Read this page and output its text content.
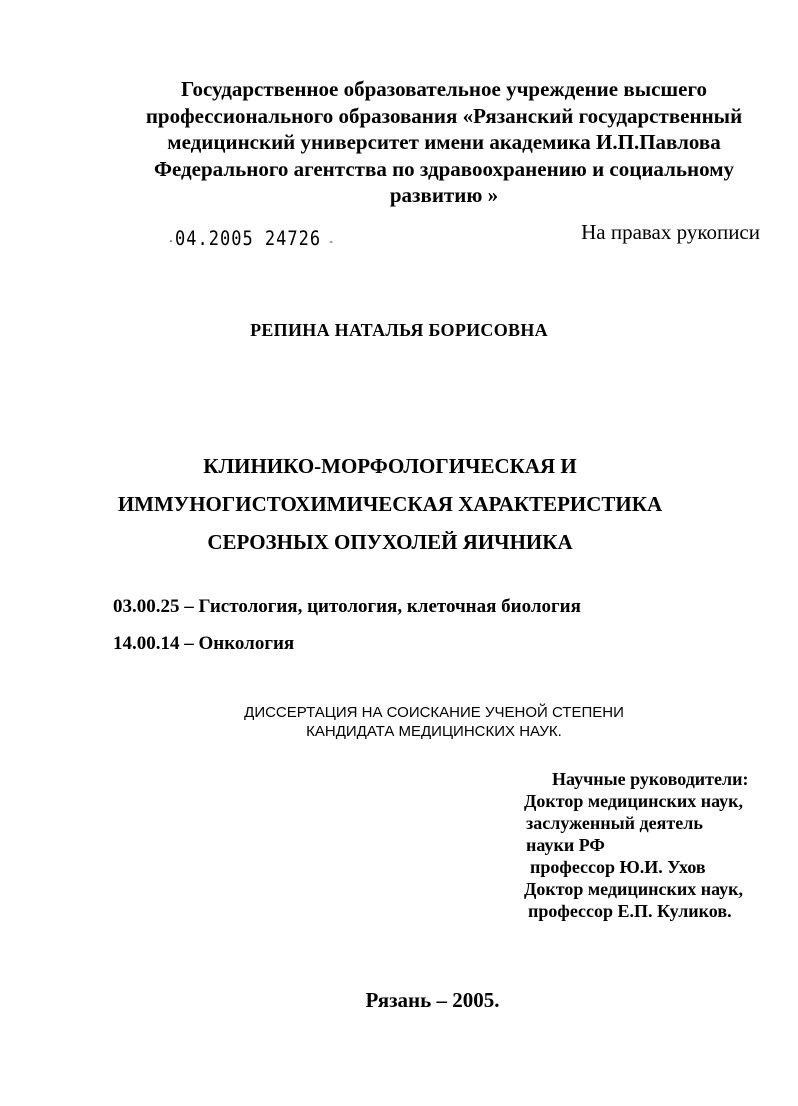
Государственное образовательное учреждение высшего
профессионального образования «Рязанский государственный
медицинский университет имени академика И.П.Павлова
Федерального агентства по здравоохранению и социальному
развитию »
·04.2005 24726 -	На правах рукописи
РЕПИНА НАТАЛЬЯ БОРИСОВНА
КЛИНИКО-МОРФОЛОГИЧЕСКАЯ И
ИММУНОГИСТОХИМИЧЕСКАЯ ХАРАКТЕРИСТИКА
СЕРОЗНЫХ ОПУХОЛЕЙ ЯИЧНИКА
03.00.25 – Гистология, цитология, клеточная биология
14.00.14 – Онкология
ДИССЕРТАЦИЯ НА СОИСКАНИЕ УЧЕНОЙ СТЕПЕНИ
КАНДИДАТА МЕДИЦИНСКИХ НАУК.
Научные руководители:
Доктор медицинских наук,
заслуженный деятель
науки РФ
профессор Ю.И. Ухов
Доктор медицинских наук,
профессор Е.П. Куликов.
Рязань – 2005.
